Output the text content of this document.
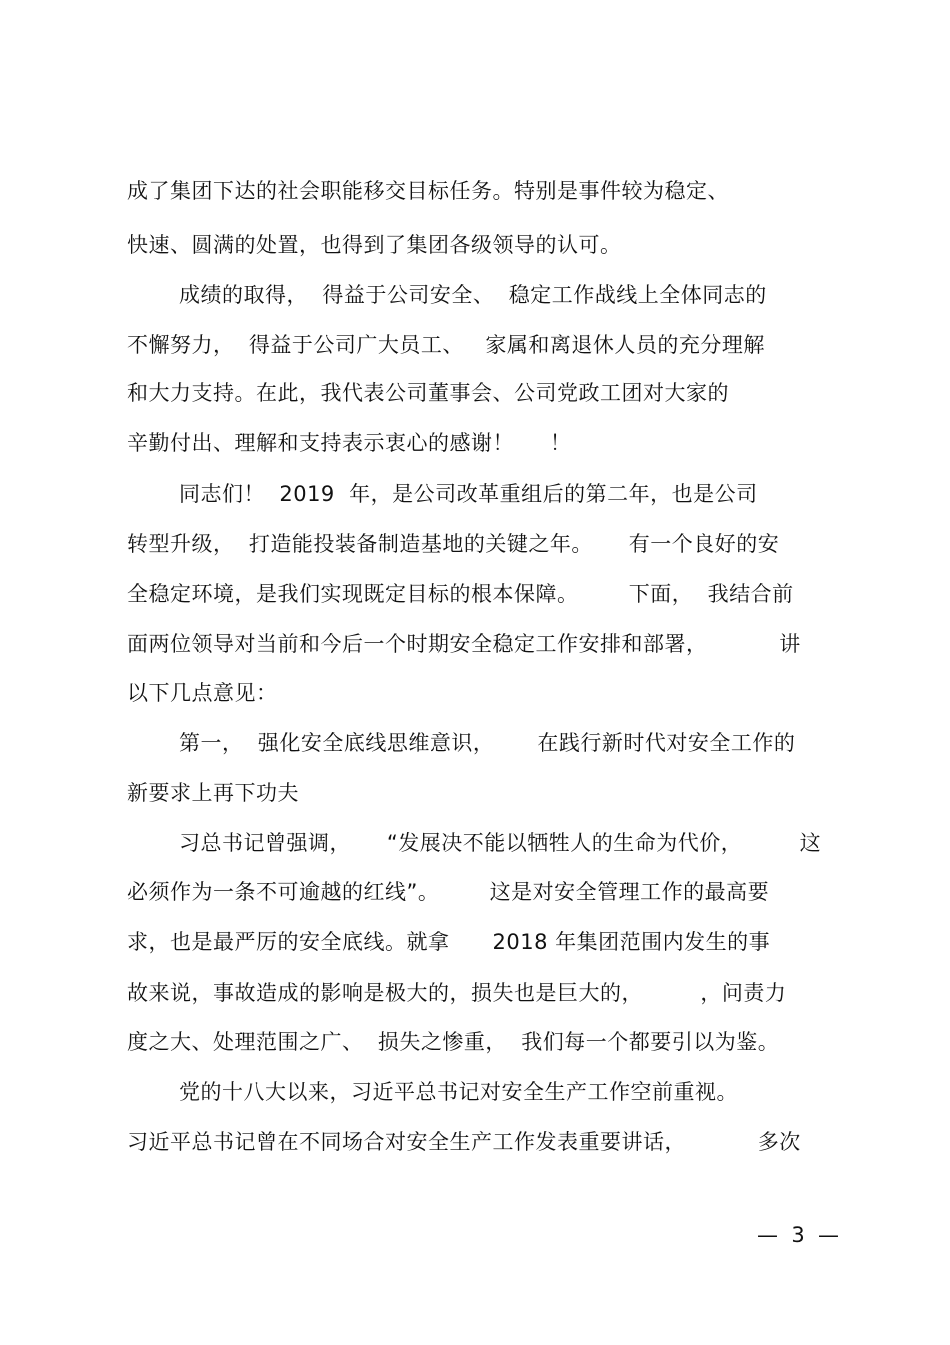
成了集团下达的社会职能移交目标任务。特别是事件较为稳定、
快速、圆满的处置，也得到了集团各级领导的认可。
成绩的取得，  得益于公司安全、  稳定工作战线上全体同志的
不懈努力，  得益于公司广大员工、   家属和离退休人员的充分理解
和大力支持。在此，我代表公司董事会、公司党政工团对大家的
辛勤付出、理解和支持表示衷心的感谢！     ！
同志们！  2019  年，是公司改革重组后的第二年，也是公司
转型升级，  打造能投装备制造基地的关键之年。     有一个良好的安
全稳定环境，是我们实现既定目标的根本保障。       下面，  我结合前
面两位领导对当前和今后一个时期安全稳定工作安排和部署，          讲
以下几点意见：
第一，  强化安全底线思维意识，      在践行新时代对安全工作的
新要求上再下功夫
习总书记曾强调，     “发展决不能以牺牲人的生命为代价，        这
必须作为一条不可逾越的红线”。       这是对安全管理工作的最高要
求，也是最严厉的安全底线。就拿      2018 年集团范围内发生的事
故来说，事故造成的影响是极大的，损失也是巨大的，        ，问责力
度之大、处理范围之广、  损失之惨重，  我们每一个都要引以为鉴。
党的十八大以来，习近平总书记对安全生产工作空前重视。
习近平总书记曾在不同场合对安全生产工作发表重要讲话，          多次
—  3  —
